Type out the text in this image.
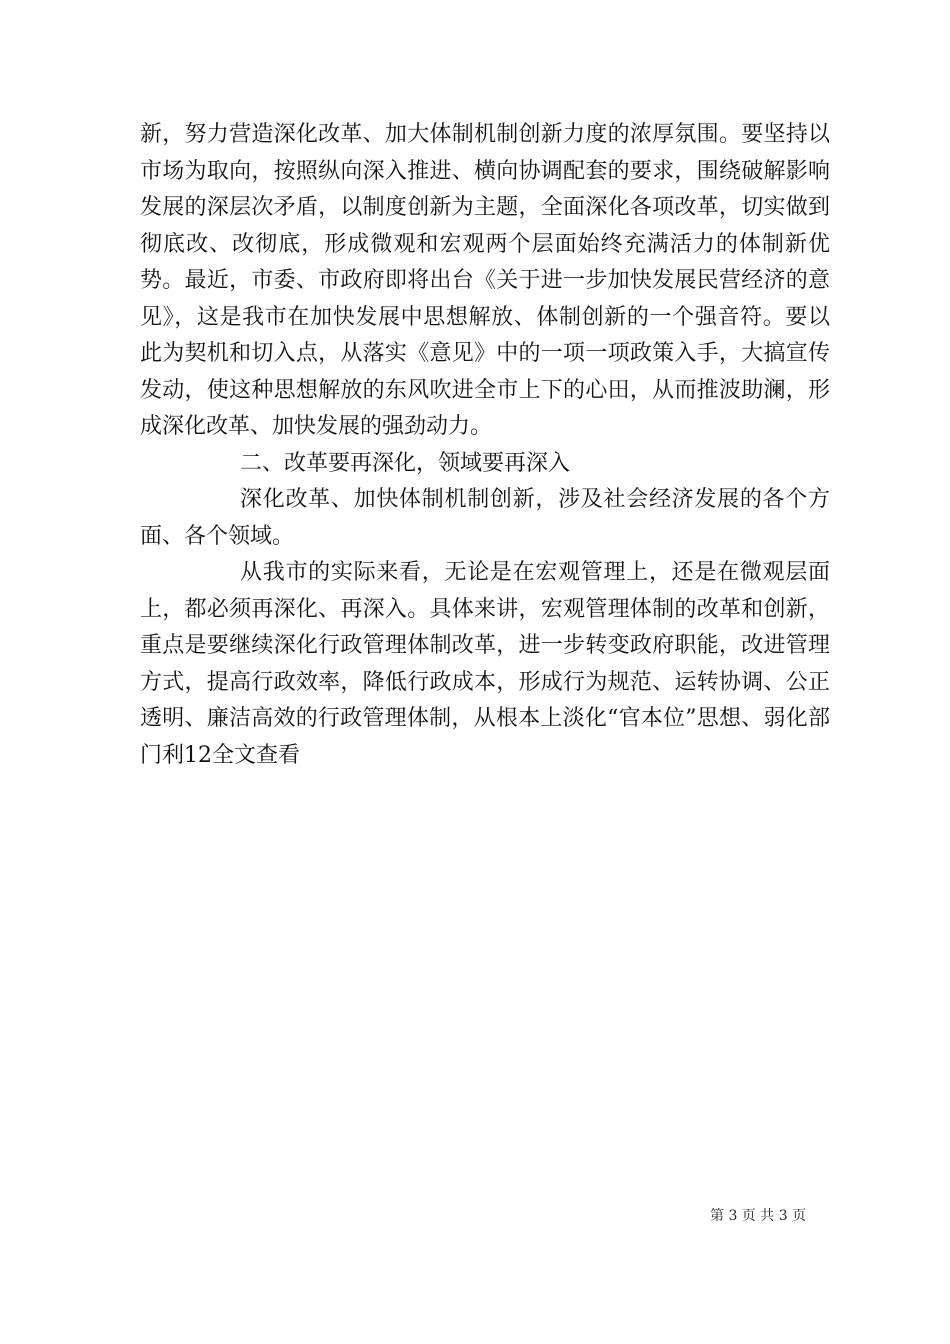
新，努力营造深化改革、加大体制机制创新力度的浓厚氛围。要坚持以市场为取向，按照纵向深入推进、横向协调配套的要求，围绕破解影响发展的深层次矛盾，以制度创新为主题，全面深化各项改革，切实做到彻底改、改彻底，形成微观和宏观两个层面始终充满活力的体制新优势。最近，市委、市政府即将出台《关于进一步加快发展民营经济的意见》，这是我市在加快发展中思想解放、体制创新的一个强音符。要以此为契机和切入点，从落实《意见》中的一项一项政策入手，大搞宣传发动，使这种思想解放的东风吹进全市上下的心田，从而推波助澜，形成深化改革、加快发展的强劲动力。

二、改革要再深化，领域要再深入

深化改革、加快体制机制创新，涉及社会经济发展的各个方面、各个领域。

从我市的实际来看，无论是在宏观管理上，还是在微观层面上，都必须再深化、再深入。具体来讲，宏观管理体制的改革和创新，重点是要继续深化行政管理体制改革，进一步转变政府职能，改进管理方式，提高行政效率，降低行政成本，形成行为规范、运转协调、公正透明、廉洁高效的行政管理体制，从根本上淡化“官本位”思想、弱化部门利12全文查看

第 3 页 共 3 页
